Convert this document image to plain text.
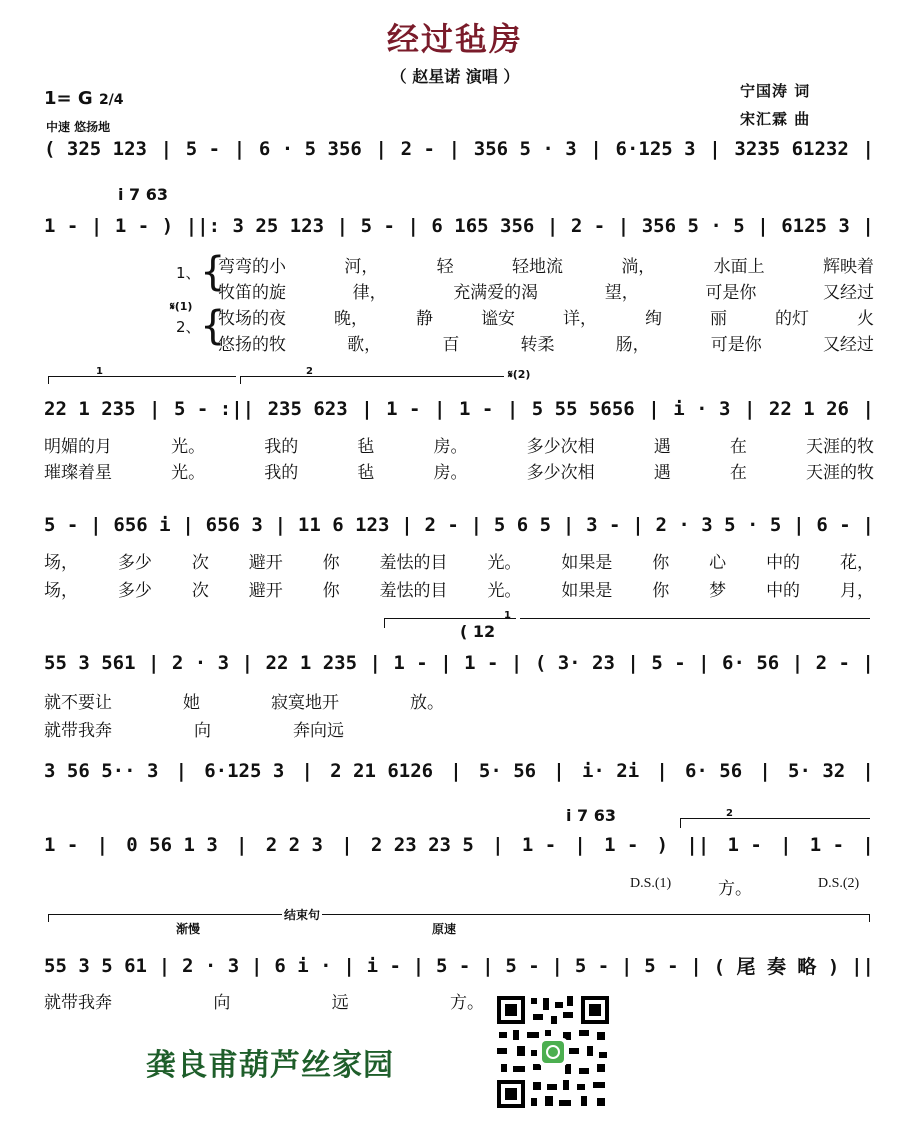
经过毡房
（ 赵星诺 演唱 ）
1= G 2/4
中速 悠扬地
宁国涛 词
宋汇霖 曲
( 325 123 | 5 - | 6 · 5 356 | 2 - | 356 5 · 3 | 6·125 3 | 3235 61232 |
i 7 63
1 - | 1 - ) ||: 3 25 123 | 5 - | 6 165 356 | 2 - | 356 5 · 5 | 6125 3 |
1、 {
弯弯的小	河，	轻	轻地流	淌，	水面上	辉映着
牧笛的旋	律，	充满爱的渴	望，	可是你	又经过
𝄋(1)
2、 {
牧场的夜	晚，	静	谧安	详，	绚	丽	的灯	火
悠扬的牧	歌，	百	转柔	肠，	可是你	又经过
1	2	𝄋(2)
22 1 235 | 5 - :|| 235 623 | 1 - | 1 - | 5 55 5656 | i · 3 | 22 1 26 |
明媚的月	光。	我的	毡	房。	多少次相	遇	在	天涯的牧
璀璨着星	光。	我的	毡	房。	多少次相	遇	在	天涯的牧
5 - | 656 i | 656 3 | 11 6 123 | 2 - | 5 6 5 | 3 - | 2 · 3 5 · 5 | 6 - |
场， 多少 次 避开 你 羞怯的目 光。 如果是 你 心 中的 花，
场， 多少 次 避开 你 羞怯的目 光。 如果是 你 梦 中的 月，
1
( 12
55 3 561 | 2 · 3 | 22 1 235 | 1 - | 1 - | ( 3· 23 | 5 - | 6· 56 | 2 - |
就不要让	她	寂寞地开	放。
就带我奔	向	奔向远
3 56 5·· 3 | 6·125 3 | 2 21 6126 | 5· 56 | i· 2i | 6· 56 | 5· 32 |
i 7 63	2
1 - | 0 56 1 3 | 2 2 3 | 2 23 23 5 | 1 - | 1 - ) || 1 - | 1 - |
D.S.(1)	方。	D.S.(2)
渐慢
结束句
原速
55 3 5 61 | 2 · 3 | 6 i · | i - | 5 - | 5 - | 5 - | 5 - | ( 尾 奏 略 ) ||
就带我奔	向	远	方。
龚良甫葫芦丝家园
